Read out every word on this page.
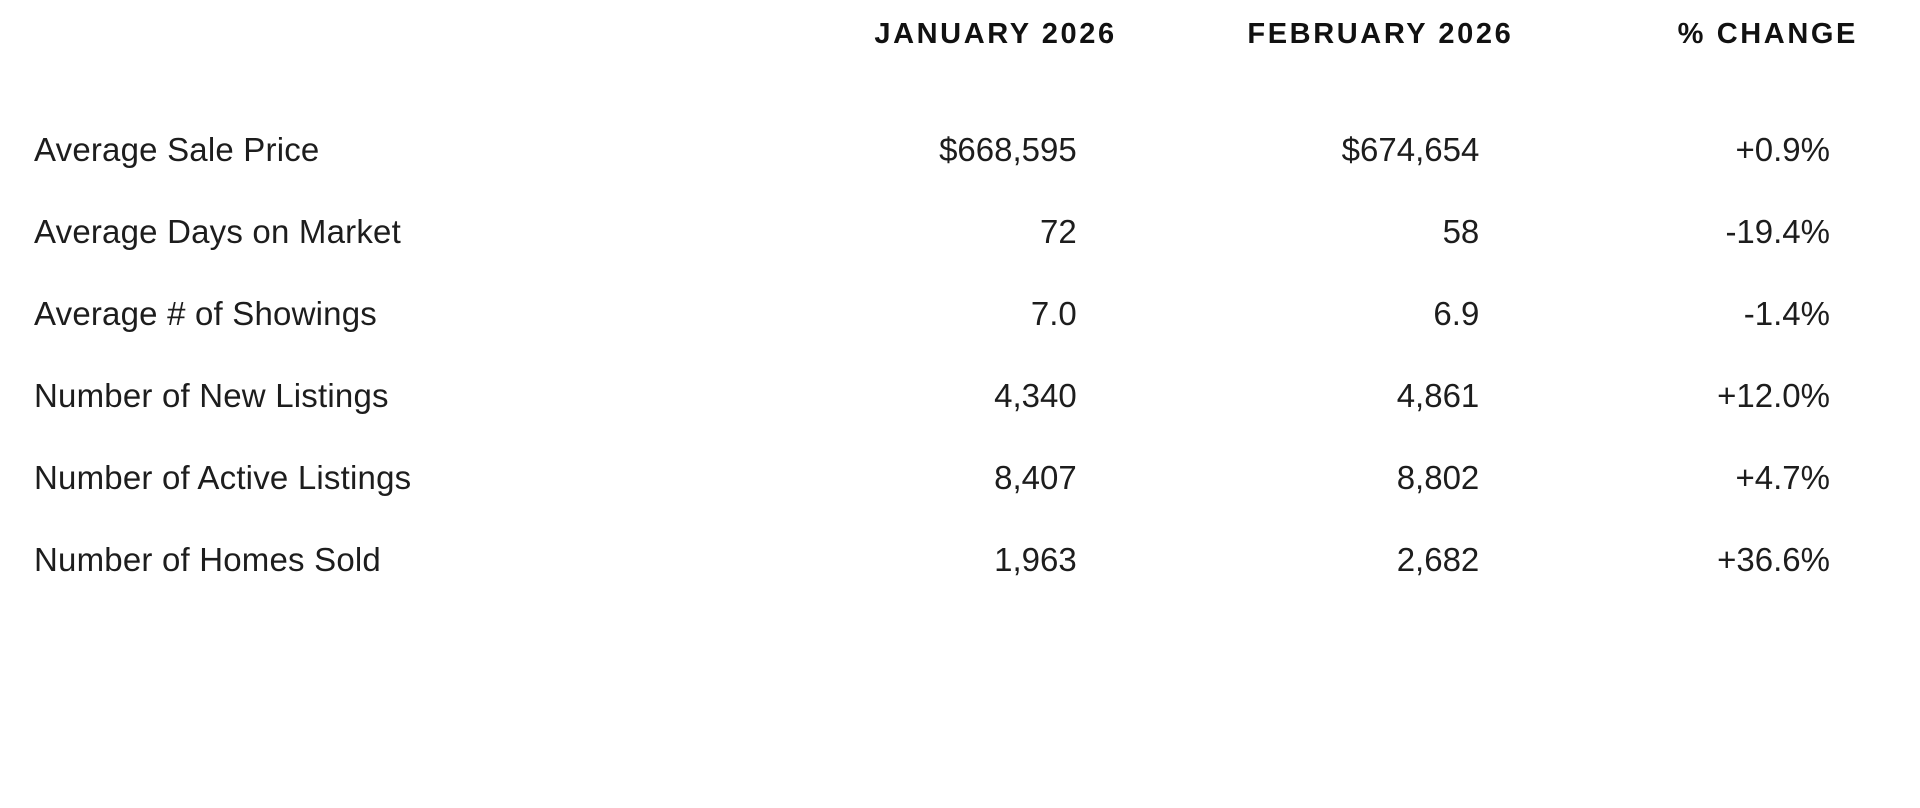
	JANUARY 2026	FEBRUARY 2026	% CHANGE
Average Sale Price	$668,595	$674,654	+0.9%
Average Days on Market	72	58	-19.4%
Average # of Showings	7.0	6.9	-1.4%
Number of New Listings	4,340	4,861	+12.0%
Number of Active Listings	8,407	8,802	+4.7%
Number of Homes Sold	1,963	2,682	+36.6%
